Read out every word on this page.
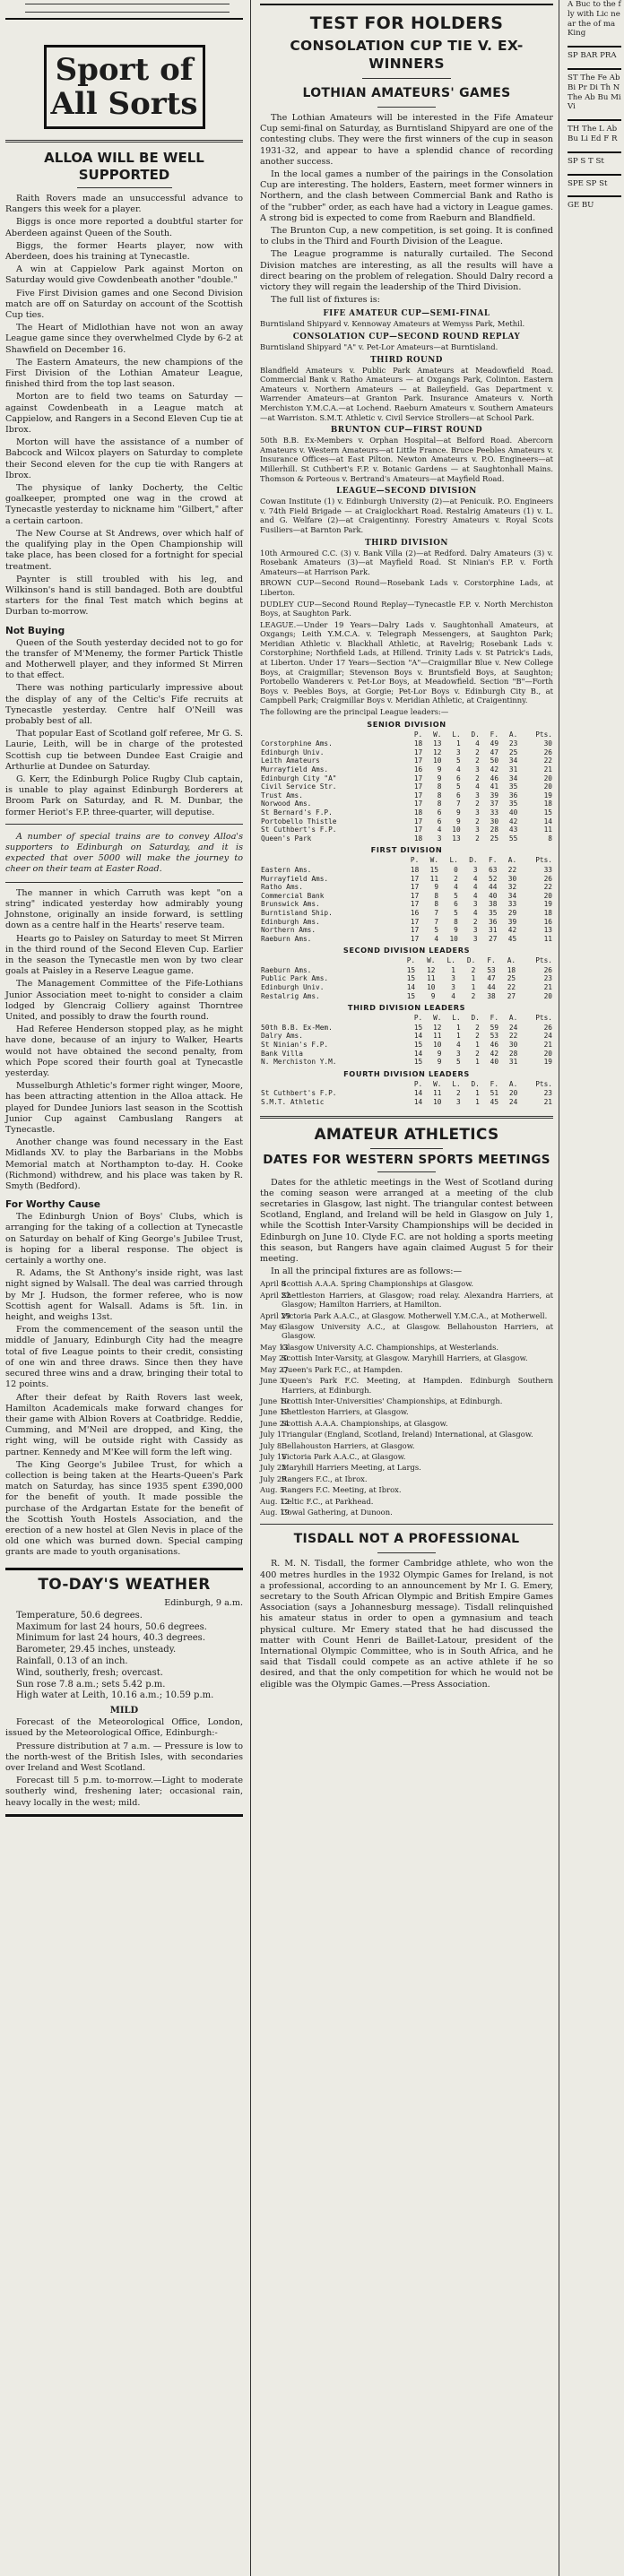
Sport of All Sorts
ALLOA WILL BE WELL SUPPORTED

Raith Rovers made an unsuccessful advance to Rangers this week for a player.

Biggs is once more reported a doubtful starter for Aberdeen against Queen of the South.

Biggs, the former Hearts player, now with Aberdeen, does his training at Tynecastle.

A win at Cappielow Park against Morton on Saturday would give Cowdenbeath another "double."

Five First Division games and one Second Division match are off on Saturday on account of the Scottish Cup ties.

The Heart of Midlothian have not won an away League game since they overwhelmed Clyde by 6-2 at Shawfield on December 16.

The Eastern Amateurs, the new champions of the First Division of the Lothian Amateur League, finished third from the top last season.

Morton are to field two teams on Saturday — against Cowdenbeath in a League match at Cappielow, and Rangers in a Second Eleven Cup tie at Ibrox.

Morton will have the assistance of a number of Babcock and Wilcox players on Saturday to complete their Second eleven for the cup tie with Rangers at Ibrox.

The physique of lanky Docherty, the Celtic goalkeeper, prompted one wag in the crowd at Tynecastle yesterday to nickname him "Gilbert," after a certain cartoon.

The New Course at St Andrews, over which half of the qualifying play in the Open Championship will take place, has been closed for a fortnight for special treatment.

Paynter is still troubled with his leg, and Wilkinson's hand is still bandaged. Both are doubtful starters for the final Test match which begins at Durban to-morrow.

Not Buying

Queen of the South yesterday decided not to go for the transfer of M'Menemy, the former Partick Thistle and Motherwell player, and they informed St Mirren to that effect.

There was nothing particularly impressive about the display of any of the Celtic's Fife recruits at Tynecastle yesterday. Centre half O'Neill was probably best of all.

That popular East of Scotland golf referee, Mr G. S. Laurie, Leith, will be in charge of the protested Scottish cup tie between Dundee East Craigie and Arthurlie at Dundee on Saturday.

G. Kerr, the Edinburgh Police Rugby Club captain, is unable to play against Edinburgh Borderers at Broom Park on Saturday, and R. M. Dunbar, the former Heriot's F.P. three-quarter, will deputise.

A number of special trains are to convey Alloa's supporters to Edinburgh on Saturday, and it is expected that over 5000 will make the journey to cheer on their team at Easter Road.

The manner in which Carruth was kept "on a string" indicated yesterday how admirably young Johnstone, originally an inside forward, is settling down as a centre half in the Hearts' reserve team.

Hearts go to Paisley on Saturday to meet St Mirren in the third round of the Second Eleven Cup. Earlier in the season the Tynecastle men won by two clear goals at Paisley in a Reserve League game.

The Management Committee of the Fife-Lothians Junior Association meet to-night to consider a claim lodged by Glencraig Colliery against Thorntree United, and possibly to draw the fourth round.

Had Referee Henderson stopped play, as he might have done, because of an injury to Walker, Hearts would not have obtained the second penalty, from which Pope scored their fourth goal at Tynecastle yesterday.

Musselburgh Athletic's former right winger, Moore, has been attracting attention in the Alloa attack. He played for Dundee Juniors last season in the Scottish Junior Cup against Cambuslang Rangers at Tynecastle.

Another change was found necessary in the East Midlands XV. to play the Barbarians in the Mobbs Memorial match at Northampton to-day. H. Cooke (Richmond) withdrew, and his place was taken by R. Smyth (Bedford).

For Worthy Cause

The Edinburgh Union of Boys' Clubs, which is arranging for the taking of a collection at Tynecastle on Saturday on behalf of King George's Jubilee Trust, is hoping for a liberal response. The object is certainly a worthy one.

R. Adams, the St Anthony's inside right, was last night signed by Walsall. The deal was carried through by Mr J. Hudson, the former referee, who is now Scottish agent for Walsall. Adams is 5ft. 1in. in height, and weighs 13st.

From the commencement of the season until the middle of January, Edinburgh City had the meagre total of five League points to their credit, consisting of one win and three draws. Since then they have secured three wins and a draw, bringing their total to 12 points.

After their defeat by Raith Rovers last week, Hamilton Academicals make forward changes for their game with Albion Rovers at Coatbridge. Reddie, Cumming, and M'Neil are dropped, and King, the right wing, will be outside right with Cassidy as partner. Kennedy and M'Kee will form the left wing.

The King George's Jubilee Trust, for which a collection is being taken at the Hearts-Queen's Park match on Saturday, has since 1935 spent £390,000 for the benefit of youth. It made possible the purchase of the Ardgartan Estate for the benefit of the Scottish Youth Hostels Association, and the erection of a new hostel at Glen Nevis in place of the old one which was burned down. Special camping grants are made to youth organisations.

TO-DAY'S WEATHER

Edinburgh, 9 a.m.

Temperature, 50.6 degrees.

Maximum for last 24 hours, 50.6 degrees.

Minimum for last 24 hours, 40.3 degrees.

Barometer, 29.45 inches, unsteady.

Rainfall, 0.13 of an inch.

Wind, southerly, fresh; overcast.

Sun rose 7.8 a.m.; sets 5.42 p.m.

High water at Leith, 10.16 a.m.; 10.59 p.m.

MILD

Forecast of the Meteorological Office, London, issued by the Meteorological Office, Edinburgh:-

Pressure distribution at 7 a.m. — Pressure is low to the north-west of the British Isles, with secondaries over Ireland and West Scotland.

Forecast till 5 p.m. to-morrow.—Light to moderate southerly wind, freshening later; occasional rain, heavy locally in the west; mild.

TEST FOR HOLDERS
CONSOLATION CUP TIE V. EX-WINNERS
LOTHIAN AMATEURS' GAMES

The Lothian Amateurs will be interested in the Fife Amateur Cup semi-final on Saturday, as Burntisland Shipyard are one of the contesting clubs. They were the first winners of the cup in season 1931-32, and appear to have a splendid chance of recording another success.

In the local games a number of the pairings in the Consolation Cup are interesting. The holders, Eastern, meet former winners in Northern, and the clash between Commercial Bank and Ratho is of the "rubber" order, as each have had a victory in League games. A strong bid is expected to come from Raeburn and Blandfield.

The Brunton Cup, a new competition, is set going. It is confined to clubs in the Third and Fourth Division of the League.

The League programme is naturally curtailed. The Second Division matches are interesting, as all the results will have a direct bearing on the problem of relegation. Should Dalry record a victory they will regain the leadership of the Third Division.

The full list of fixtures is:

FIFE AMATEUR CUP—SEMI-FINAL

Burntisland Shipyard v. Kennoway Amateurs at Wemyss Park, Methil.

CONSOLATION CUP—SECOND ROUND REPLAY

Burntisland Shipyard "A" v. Pet-Lor Amateurs—at Burntisland.

THIRD ROUND

Blandfield Amateurs v. Public Park Amateurs at Meadowfield Road. Commercial Bank v. Ratho Amateurs — at Oxgangs Park, Colinton. Eastern Amateurs v. Northern Amateurs — at Baileyfield. Gas Department v. Warrender Amateurs—at Granton Park. Insurance Amateurs v. North Merchiston Y.M.C.A.—at Lochend. Raeburn Amateurs v. Southern Amateurs—at Warriston. S.M.T. Athletic v. Civil Service Strollers—at School Park.

BRUNTON CUP—FIRST ROUND

50th B.B. Ex-Members v. Orphan Hospital—at Belford Road. Abercorn Amateurs v. Western Amateurs—at Little France. Bruce Peebles Amateurs v. Insurance Offices—at East Pilton. Newton Amateurs v. P.O. Engineers—at Millerhill. St Cuthbert's F.P. v. Botanic Gardens — at Saughtonhall Mains. Thomson & Porteous v. Bertrand's Amateurs—at Mayfield Road.

LEAGUE—SECOND DIVISION

Cowan Institute (1) v. Edinburgh University (2)—at Penicuik. P.O. Engineers v. 74th Field Brigade — at Craiglockhart Road. Restalrig Amateurs (1) v. L. and G. Welfare (2)—at Craigentinny. Forestry Amateurs v. Royal Scots Fusiliers—at Barnton Park.

THIRD DIVISION

10th Armoured C.C. (3) v. Bank Villa (2)—at Redford. Dalry Amateurs (3) v. Rosebank Amateurs (3)—at Mayfield Road. St Ninian's F.P. v. Forth Amateurs—at Harrison Park.

BROWN CUP—Second Round—Rosebank Lads v. Corstorphine Lads, at Liberton.

DUDLEY CUP—Second Round Replay—Tynecastle F.P. v. North Merchiston Boys, at Saughton Park.

LEAGUE.—Under 19 Years—Dalry Lads v. Saughtonhall Amateurs, at Oxgangs; Leith Y.M.C.A. v. Telegraph Messengers, at Saughton Park; Meridian Athletic v. Blackhall Athletic, at Ravelrig; Rosebank Lads v. Corstorphine; Northfield Lads, at Hillend. Trinity Lads v. St Patrick's Lads, at Liberton. Under 17 Years—Section "A"—Craigmillar Blue v. New College Boys, at Craigmillar; Stevenson Boys v. Bruntsfield Boys, at Saughton; Portobello Wanderers v. Pet-Lor Boys, at Meadowfield. Section "B"—Forth Boys v. Peebles Boys, at Gorgie; Pet-Lor Boys v. Edinburgh City B., at Campbell Park; Craigmillar Boys v. Meridian Athletic, at Craigentinny.

The following are the principal League leaders:—

SENIOR DIVISION
	P.	W.	L.	D.	F.	A.	Pts.
Corstorphine Ams.	18	13	1	4	49	23	30
Edinburgh Univ.	17	12	3	2	47	25	26
Leith Amateurs	17	10	5	2	50	34	22
Murrayfield Ams.	16	9	4	3	42	31	21
Edinburgh City "A"	17	9	6	2	46	34	20
Civil Service Str.	17	8	5	4	41	35	20
Trust Ams.	17	8	6	3	39	36	19
Norwood Ams.	17	8	7	2	37	35	18
St Bernard's F.P.	18	6	9	3	33	40	15
Portobello Thistle	17	6	9	2	30	42	14
St Cuthbert's F.P.	17	4	10	3	28	43	11
Queen's Park	18	3	13	2	25	55	8
FIRST DIVISION
	P.	W.	L.	D.	F.	A.	Pts.
Eastern Ams.	18	15	0	3	63	22	33
Murrayfield Ams.	17	11	2	4	52	30	26
Ratho Ams.	17	9	4	4	44	32	22
Commercial Bank	17	8	5	4	40	34	20
Brunswick Ams.	17	8	6	3	38	33	19
Burntisland Ship.	16	7	5	4	35	29	18
Edinburgh Ams.	17	7	8	2	36	39	16
Northern Ams.	17	5	9	3	31	42	13
Raeburn Ams.	17	4	10	3	27	45	11
SECOND DIVISION LEADERS
	P.	W.	L.	D.	F.	A.	Pts.
Raeburn Ams.	15	12	1	2	53	18	26
Public Park Ams.	15	11	3	1	47	25	23
Edinburgh Univ.	14	10	3	1	44	22	21
Restalrig Ams.	15	9	4	2	38	27	20
THIRD DIVISION LEADERS
	P.	W.	L.	D.	F.	A.	Pts.
50th B.B. Ex-Mem.	15	12	1	2	59	24	26
Dalry Ams.	14	11	1	2	53	22	24
St Ninian's F.P.	15	10	4	1	46	30	21
Bank Villa	14	9	3	2	42	28	20
N. Merchiston Y.M.	15	9	5	1	40	31	19
FOURTH DIVISION LEADERS
	P.	W.	L.	D.	F.	A.	Pts.
St Cuthbert's F.P.	14	11	2	1	51	20	23
S.M.T. Athletic	14	10	3	1	45	24	21
AMATEUR ATHLETICS
DATES FOR WESTERN SPORTS MEETINGS

Dates for the athletic meetings in the West of Scotland during the coming season were arranged at a meeting of the club secretaries in Glasgow, last night. The triangular contest between Scotland, England, and Ireland will be held in Glasgow on July 1, while the Scottish Inter-Varsity Championships will be decided in Edinburgh on June 10. Clyde F.C. are not holding a sports meeting this season, but Rangers have again claimed August 5 for their meeting.

In all the principal fixtures are as follows:—

April 8
Scottish A.A.A. Spring Championships at Glasgow.

April 22
Shettleston Harriers, at Glasgow; road relay. Alexandra Harriers, at Glasgow; Hamilton Harriers, at Hamilton.

April 29
Victoria Park A.A.C., at Glasgow. Motherwell Y.M.C.A., at Motherwell.

May 6
Glasgow University A.C., at Glasgow. Bellahouston Harriers, at Glasgow.

May 13
Glasgow University A.C. Championships, at Westerlands.

May 20
Scottish Inter-Varsity, at Glasgow. Maryhill Harriers, at Glasgow.

May 27
Queen's Park F.C., at Hampden.

June 3
Queen's Park F.C. Meeting, at Hampden. Edinburgh Southern Harriers, at Edinburgh.

June 10
Scottish Inter-Universities' Championships, at Edinburgh.

June 17
Shettleston Harriers, at Glasgow.

June 24
Scottish A.A.A. Championships, at Glasgow.

July 1 Triangular (England, Scotland, Ireland) International, at Glasgow.

July 8 Bellahouston Harriers, at Glasgow.

July 15
Victoria Park A.A.C., at Glasgow.

July 22
Maryhill Harriers Meeting, at Largs.

July 29
Rangers F.C., at Ibrox.

Aug. 5
Rangers F.C. Meeting, at Ibrox.

Aug. 12
Celtic F.C., at Parkhead.

Aug. 19
Cowal Gathering, at Dunoon.

TISDALL NOT A PROFESSIONAL

R. M. N. Tisdall, the former Cambridge athlete, who won the 400 metres hurdles in the 1932 Olympic Games for Ireland, is not a professional, according to an announcement by Mr I. G. Emery, secretary to the South African Olympic and British Empire Games Association (says a Johannesburg message). Tisdall relinquished his amateur status in order to open a gymnasium and teach physical culture. Mr Emery stated that he had discussed the matter with Count Henri de Baillet-Latour, president of the International Olympic Committee, who is in South Africa, and he said that Tisdall could compete as an active athlete if he so desired, and that the only competition for which he would not be eligible was the Olympic Games.—Press Association.

A Buc to the fly with Lic near the of ma King
SP BAR PRA
ST The Fe Ab Bi Pr Di Th N The Ab Bu Mi Vi
TH The L Ab Bu Li Ed F R
SP S T St
SPE SP St
GE BU
